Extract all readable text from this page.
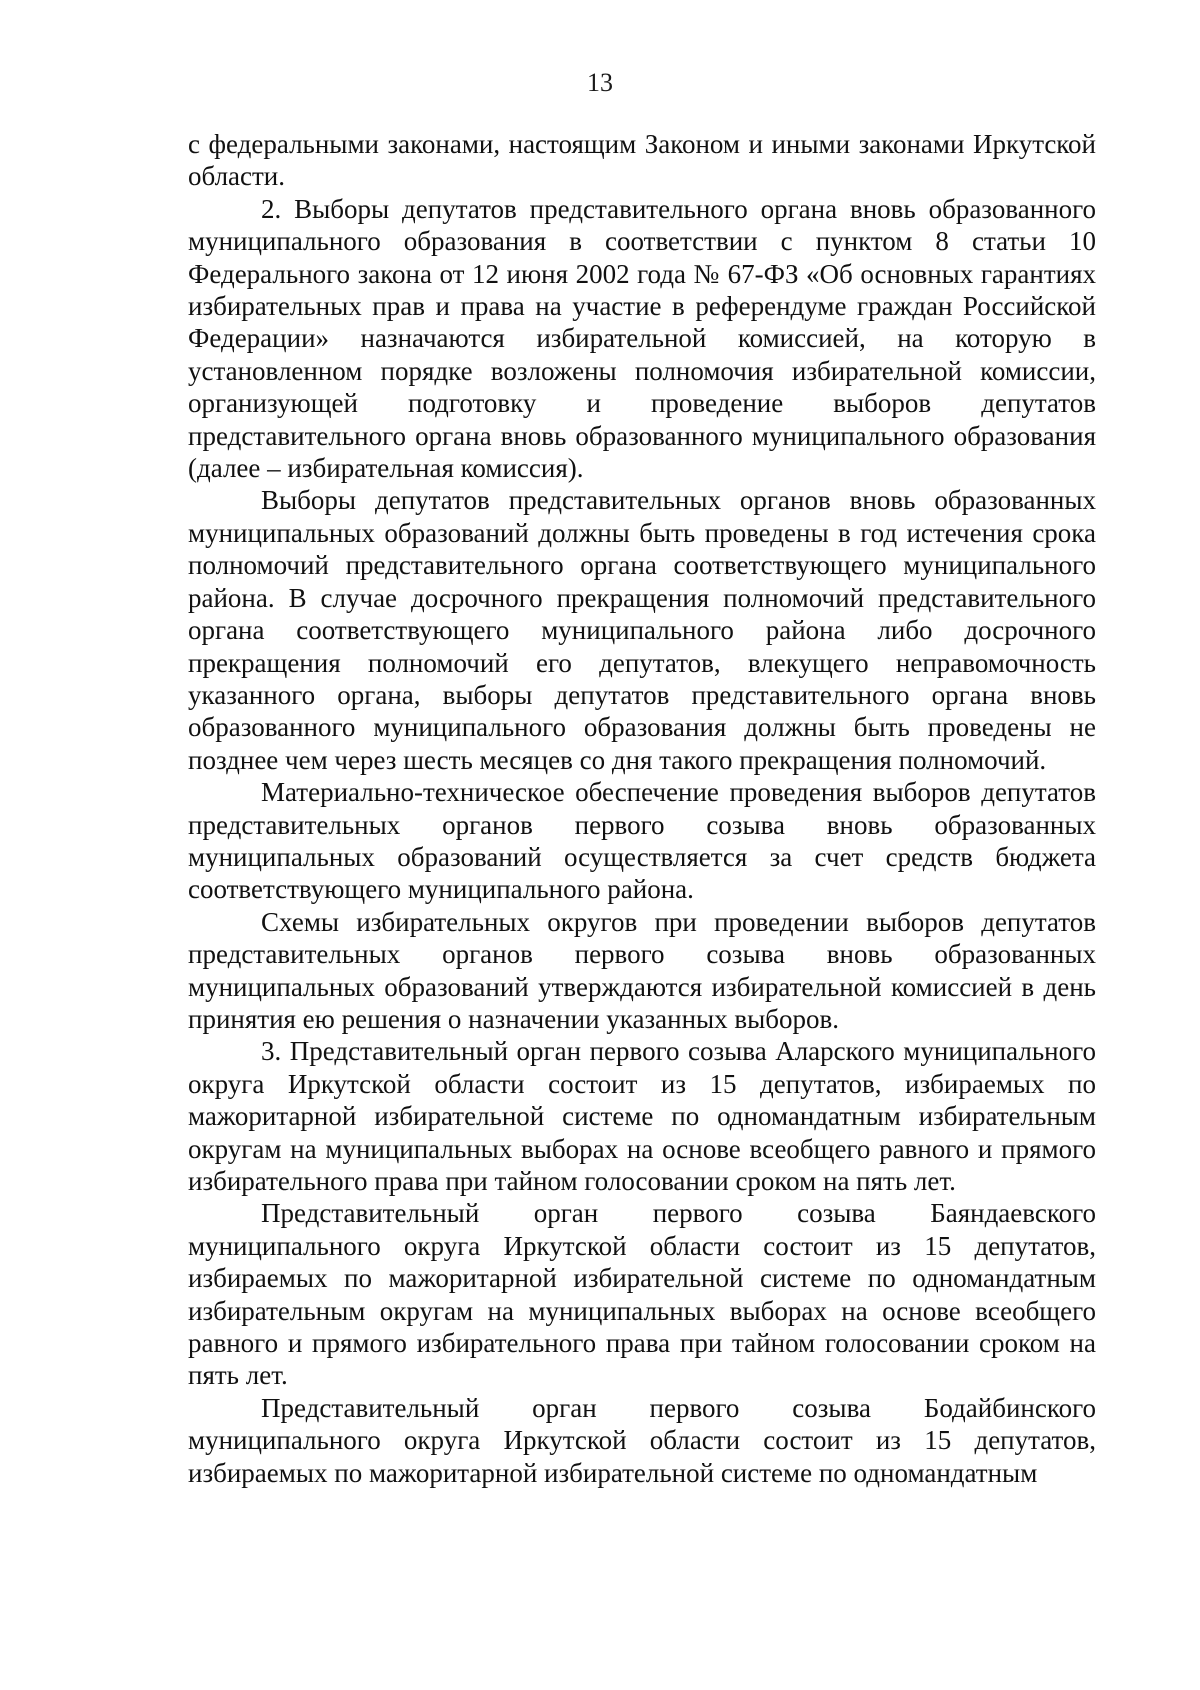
13

с федеральными законами, настоящим Законом и иными законами Иркутской области.

2. Выборы депутатов представительного органа вновь образованного муниципального образования в соответствии с пунктом 8 статьи 10 Федерального закона от 12 июня 2002 года № 67-ФЗ «Об основных гарантиях избирательных прав и права на участие в референдуме граждан Российской Федерации» назначаются избирательной комиссией, на которую в установленном порядке возложены полномочия избирательной комиссии, организующей подготовку и проведение выборов депутатов представительного органа вновь образованного муниципального образования (далее – избирательная комиссия).

Выборы депутатов представительных органов вновь образованных муниципальных образований должны быть проведены в год истечения срока полномочий представительного органа соответствующего муниципального района. В случае досрочного прекращения полномочий представительного органа соответствующего муниципального района либо досрочного прекращения полномочий его депутатов, влекущего неправомочность указанного органа, выборы депутатов представительного органа вновь образованного муниципального образования должны быть проведены не позднее чем через шесть месяцев со дня такого прекращения полномочий.

Материально-техническое обеспечение проведения выборов депутатов представительных органов первого созыва вновь образованных муниципальных образований осуществляется за счет средств бюджета соответствующего муниципального района.

Схемы избирательных округов при проведении выборов депутатов представительных органов первого созыва вновь образованных муниципальных образований утверждаются избирательной комиссией в день принятия ею решения о назначении указанных выборов.

3. Представительный орган первого созыва Аларского муниципального округа Иркутской области состоит из 15 депутатов, избираемых по мажоритарной избирательной системе по одномандатным избирательным округам на муниципальных выборах на основе всеобщего равного и прямого избирательного права при тайном голосовании сроком на пять лет.

Представительный орган первого созыва Баяндаевского муниципального округа Иркутской области состоит из 15 депутатов, избираемых по мажоритарной избирательной системе по одномандатным избирательным округам на муниципальных выборах на основе всеобщего равного и прямого избирательного права при тайном голосовании сроком на пять лет.

Представительный орган первого созыва Бодайбинского муниципального округа Иркутской области состоит из 15 депутатов, избираемых по мажоритарной избирательной системе по одномандатным
